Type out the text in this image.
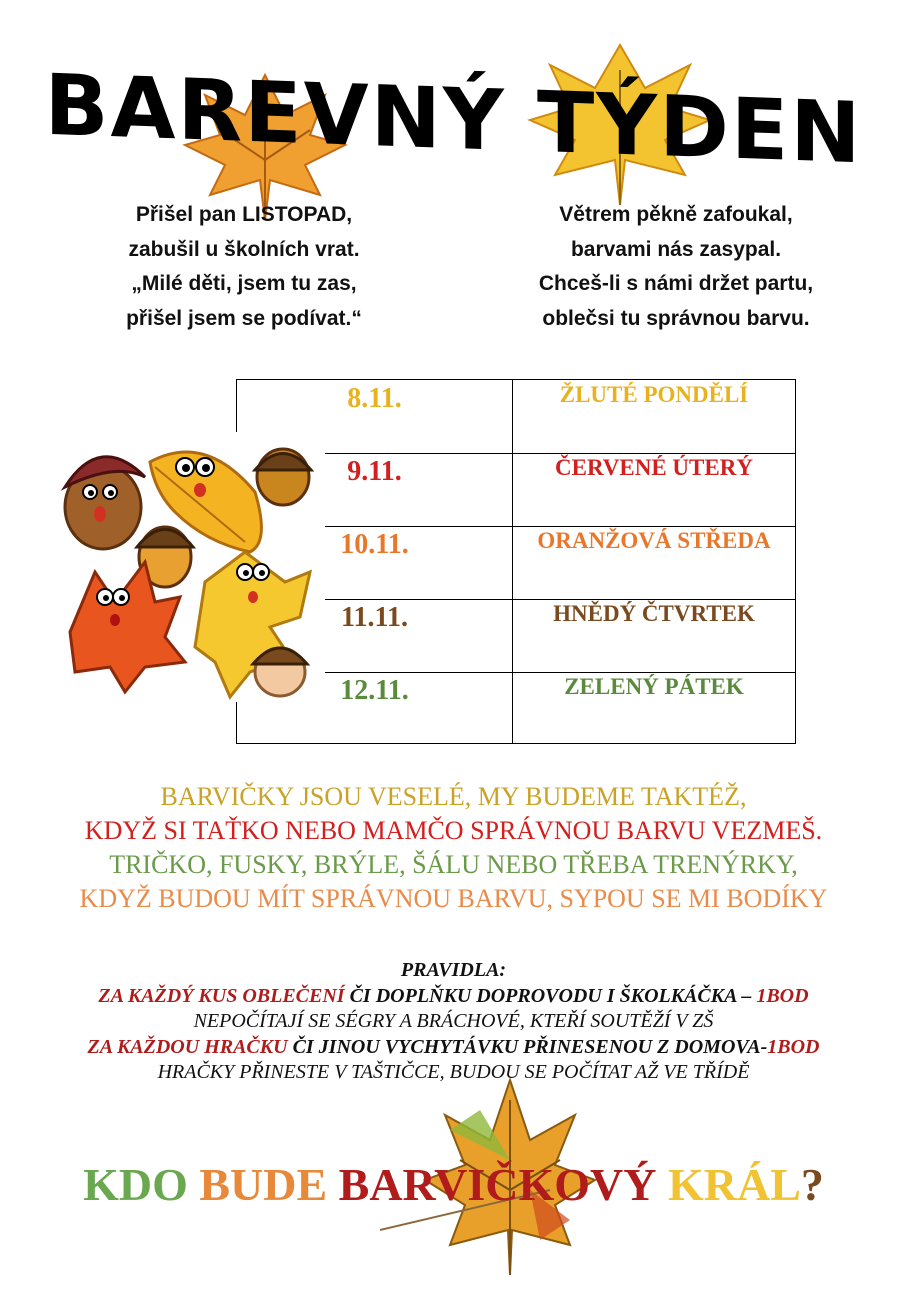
BAREVNÝ TÝDEN
Přišel pan LISTOPAD,
zabušil u školních vrat.
„Milé děti, jsem tu zas,
přišel jsem se podívat.“
Větrem pěkně zafoukal,
barvami nás zasypal.
Chceš-li s námi držet partu,
oblečsi tu správnou barvu.
8.11.	ŽLUTÉ PONDĚLÍ
9.11.	ČERVENÉ ÚTERÝ
10.11.	ORANŽOVÁ STŘEDA
11.11.	HNĚDÝ ČTVRTEK
12.11.	ZELENÝ PÁTEK
BARVIČKY JSOU VESELÉ, MY BUDEME TAKTÉŽ,
KDYŽ SI TAŤKO NEBO MAMČO SPRÁVNOU BARVU VEZMEŠ.
TRIČKO, FUSKY, BRÝLE, ŠÁLU NEBO TŘEBA TRENÝRKY,
KDYŽ BUDOU MÍT SPRÁVNOU BARVU, SYPOU SE MI BODÍKY
PRAVIDLA:
ZA KAŽDÝ KUS OBLEČENÍ ČI DOPLŇKU DOPROVODU I ŠKOLKÁČKA – 1BOD
NEPOČÍTAJÍ SE SÉGRY A BRÁCHOVÉ, KTEŘÍ SOUTĚŽÍ V ZŠ
ZA KAŽDOU HRAČKU ČI JINOU VYCHYTÁVKU PŘINESENOU Z DOMOVA-1BOD
HRAČKY PŘINESTE V TAŠTIČCE, BUDOU SE POČÍTAT AŽ VE TŘÍDĚ
KDO BUDE BARVIČKOVÝ KRÁL?
